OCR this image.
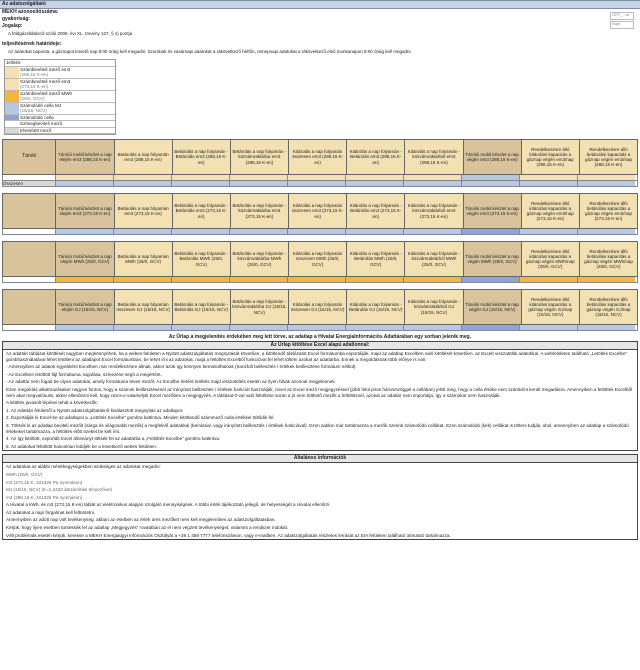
Az adatszolgáltató
MEKH azonosítószáma:
gyakoriság:
Jogalap:
A földgázellátásról szóló 2008. évi XL. törvény 127. § s) pontja
teljesítésének határideje:
Az adatokat naponta, a gáznapot követő nap 8:00 óráig kell megadni. Szombati és vasárnapi adatokat a rákövetkező hétfőn, ünnepnapi adatokat a rákövetkező első munkanapon 8:00 óráig kell megadni.
GRT_...nt
Napi
Jelölés:
Számbevételi mező em3
(288,15 K-en)
Számbevételi mező em3
(273,15 K-en)
Számbevételi mező MWh
(25/0, GCV)
Számolódó cella MJ
(15/15, NCV)
Számolódó cella
Szövegbeviteli mező
Elvesített mező
Tároló	Tárolói mobil készlet a nap elején em3 (288,15 K-en)
Betárolás a nap folyamán em3 (288,15 K-en)
Betárolás a nap folyamán - Betárolás em3 (288,15 K-en)
Betárolás a nap folyamán - közvámraktárba em3 (288,15 K-en)
Kitárolás a nap folyamán összesen em3 (288,15 K-en)
Kitárolás a nap folyamán - Betárolás em3 (288,15 K-en)
Kitárolás a nap folyamán - közvámraktárból em3 (288,15 K-en)
Tárolói mobil készlet a nap végén em3 (288,15 K-en)
Rendelkezésre álló kitárolási kapacitás a gáznap végén em3/nap (288,15 K-en)
Rendelkezésre álló betárolási kapacitás a gáznap végén em3/nap (288,15 K-en)
Összesen
Tárolói mobil készlet a nap elején em3 (273,15 K-en)
Betárolás a nap folyamán em3 (273,15 K-en)
Betárolás a nap folyamán - Betárolás em3 (273,15 K-en)
Betárolás a nap folyamán - közvámraktárba em3 (273,15 K-en)
Kitárolás a nap folyamán összesen em3 (273,15 K-en)
Kitárolás a nap folyamán - Betárolás em3 (273,15 K-en)
Kitárolás a nap folyamán - közvámraktárból em3 (273,15 K-en)
Tárolói mobil készlet a nap végén em3 (273,15 K-en)
Rendelkezésre álló kitárolási kapacitás a gáznap végén em3/nap (273,15 K-en)
Rendelkezésre álló betárolási kapacitás a gáznap végén em3/nap (273,15 K-en)
Tárolói mobil készlet a nap elején MWh (25/0, GCV)
Betárolás a nap folyamán MWh (25/0, GCV)
Betárolás a nap folyamán - Betárolás MWh (25/0, GCV)
Betárolás a nap folyamán - közvámraktárba MWh (25/0, GCV)
Kitárolás a nap folyamán összesen MWh (25/0, GCV)
Kitárolás a nap folyamán - Betárolás MWh (25/0, GCV)
Kitárolás a nap folyamán - közvámraktárból MWh (25/0, GCV)
Tárolói mobil készlet a nap végén MWh (25/0, GCV)
Rendelkezésre álló kitárolási kapacitás a gáznap végén MWh/nap (25/0, GCV)
Rendelkezésre álló betárolási kapacitás a gáznap végén MWh/nap (25/0, GCV)
Tárolói mobil készlet a nap elején GJ (15/15, NCV)
Betárolás a nap folyamán összesen GJ (15/15, NCV)
Betárolás a nap folyamán - Betárolás GJ (15/15, NCV)
Betárolás a nap folyamán - közvámraktárba GJ (15/15, NCV)
Kitárolás a nap folyamán összesen GJ (15/15, NCV)
Kitárolás a nap folyamán - Betárolás GJ (15/15, NCV)
Kitárolás a nap folyamán - közvámraktárból GJ (15/15, NCV)
Tárolói mobil készlet a nap végén GJ (15/15, NCV)
Rendelkezésre álló kitárolási kapacitás a gáznap végén GJ/nap (15/15, NCV)
Rendelkezésre álló betárolási kapacitás a gáznap végén GJ/nap (15/15, NCV)
Az Űrlap a megjelenítés érdekében meg lett törve, az adatlap a Hivatal EnergiaInformációs Adattárában egy sorban jelenik meg.
Az Űrlap kitöltése Excel alapú adatlonnal:

Az adattári táblázat kitöltését nagyban megkönnyítheti, ha a webes felületen a Nyitott adatszolgáltatás megnyitását követően, a kitöltendő táblázatot Excel formátumba exportálják, majd az adatlap Excelben való kitöltését követően, az Excelt visszatöltik adatokkal. A webfelületen található „Letöltés Excelbe” gombhasználatával lehet letölteni az adatlapot Excel formátumban, be lehet írni az adatokat, majd a feltöltés Excelből funkcióval fel lehet tölteni azokat az adattárba. Ennek a megoldásnak több előnye is van:

- Amennyiben az adatok egyebként Excelben már rendelkezésre állnak, akkor azok így könnyen bemásolhatóak (tranzfolt beillesztés / értékek beillesztése formátum nélkül).

- Az Excelben letöltött fájl formátuma, tagolása, színezése segít a megértést.

- Az adattár nem fogad be olyan adatokat, amely formátuma téves mezőt. Az Excelbe történt letöltés majd visszatöltés esetén az ilyen hibák azonnal megjelennek.

Ezen megoldás alkalmazásakor nagyon fontos, hogy a számok beillesztésénél az irányított beillesztés / értékek funkciót használják, mivel az Excel mező megjegyzéssel (jobb felül piros háromszöggel a cellában) jelöli meg, hogy a cella értéke nem számként került megadásra. Amennyiben a feltöltés Excelből nem akar megvalósulni, akkor ellenőrizni kell, hogy nincs-e valamelyik Excel mezőben a megjegyzés. A táblázat 0-val való feltöltése során a jó nem tölthető mezők a feltöltésnél, azokat az adattár nem importálja, így a számokat nem használják.

A kitöltés javasolt lépései tehát a következők:

1. Az Adattári felületről a Nyitott adatszolgáltatásról kiválasztott megnyitás az adatlapot.

2. Exportálják ki Excel-be az adatlapot a „Letöltés Excelbe” gombra kattintva. Minden kitöltendő számmező nulla értékkel töltődik fel.

3. Töltsék ki az adatlap beviteli mezőit (sárga és világosabb mezők) a megfelelő adatokkal (beírással, vagy irányított beillesztés / értékek funkcióval). Ezen sablon már tartalmazza a mezők szerinti számolódó cellákat. Ezen számolódó (kék) cellákat is tölteni tudják, ahol, amennyiben az adatlap a számolódó értékeket tartalmazza, a feltöltés előtt ezeket be kell írni.

4. Az így kitöltött, exportált Excel állományt töltsék fel az adattárba a „Feltöltés Excelbe” gombra kattintva.

5. Az adatokat feltöltött hasonlóan küldjék be a következő webes felületen.

Általános információk

Az adatokat az alábbi mértékegységekben szükséges az adatokat megadni:

MWh (25/0, GCV)

m3 (273,15 K, 101325 Pa nyomáson)

MJ (15/15, NCV) (K=1,2433 átszámítási tényezővel)

m3 (288,15 K, 101325 Pa nyomáson)

A Hivatal a kWh, és m3 (273,15 K-en) táblát az elektronikus alapján szolgáló mennyiségnek. A többi érték tájékoztató jellegű, de helyességét a Hivatal ellenőrzi.

Az adatokat a napi forgalmat kell feltüntetni.

Amennyiben az adott nap volt tevékenység, abban az esetben az érték üres mezőket nem kell megjeleníteni az adatszolgáltatásban.

Kérjük, hogy ilyen esetben tüntessék fel az adatlap „Megjegyzés” rovatában az el nem végzett tevékenységet, valamint a rendszer indokát.

Vélt problémák esetén kérjük, keresse a MEKH Energiaügyi Információs Osztályát a +36 1 459 7777 telefonszámon, vagy e-mailben. Az adatszolgáltatás részletes leírását az EIA felületen található útmutató tartalmazza.
